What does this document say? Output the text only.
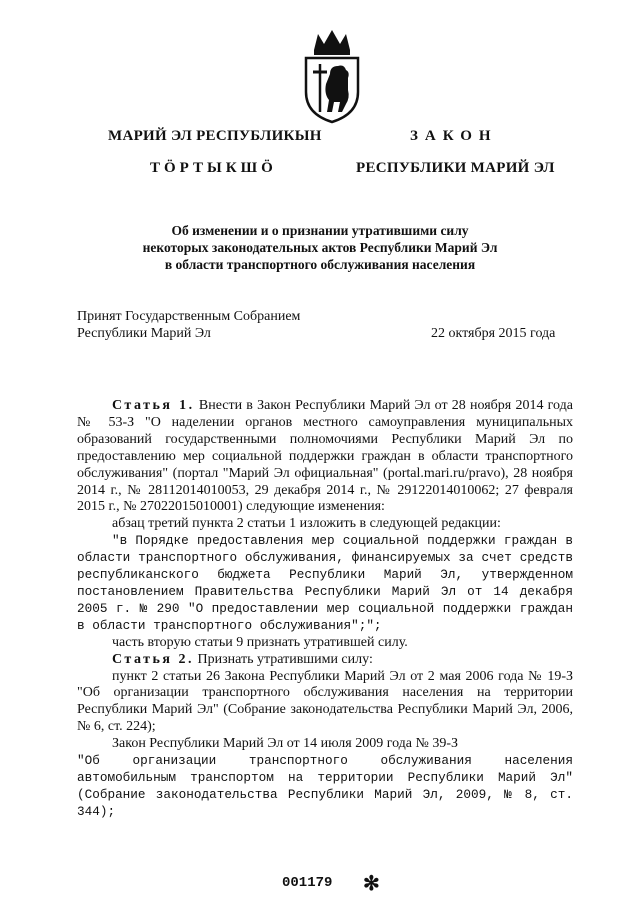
МАРИЙ ЭЛ РЕСПУБЛИКЫН
ТӦРТЫКШӦ
ЗАКОН
РЕСПУБЛИКИ МАРИЙ ЭЛ
Об изменении и о признании утратившими силу
некоторых законодательных актов Республики Марий Эл
в области транспортного обслуживания населения
Принят Государственным Собранием
Республики Марий Эл	22 октября 2015 года

Статья 1. Внести в Закон Республики Марий Эл от 28 ноября 2014 года № 53-З "О наделении органов местного самоуправления муниципальных образований государственными полномочиями Республики Марий Эл по предоставлению мер социальной поддержки граждан в области транспортного обслуживания" (портал "Марий Эл официальная" (portal.mari.ru/pravo), 28 ноября 2014 г., № 28112014010053, 29 декабря 2014 г., № 29122014010062; 27 февраля 2015 г., № 27022015010001) следующие изменения:

абзац третий пункта 2 статьи 1 изложить в следующей редакции:

"в Порядке предоставления мер социальной поддержки граждан в области транспортного обслуживания, финансируемых за счет средств республиканского бюджета Республики Марий Эл, утвержденном постановлением Правительства Республики Марий Эл от 14 декабря 2005 г. № 290 "О предоставлении мер социальной поддержки граждан в области транспортного обслуживания";";

часть вторую статьи 9 признать утратившей силу.

Статья 2. Признать утратившими силу:

пункт 2 статьи 26 Закона Республики Марий Эл от 2 мая 2006 года № 19-З "Об организации транспортного обслуживания населения на территории Республики Марий Эл" (Собрание законодательства Республики Марий Эл, 2006, № 6, ст. 224);

Закон Республики Марий Эл от 14 июля 2009 года № 39-З

"Об организации транспортного обслуживания населения автомобильным транспортом на территории Республики Марий Эл" (Собрание законодательства Республики Марий Эл, 2009, № 8, ст. 344);

001179 ✻
